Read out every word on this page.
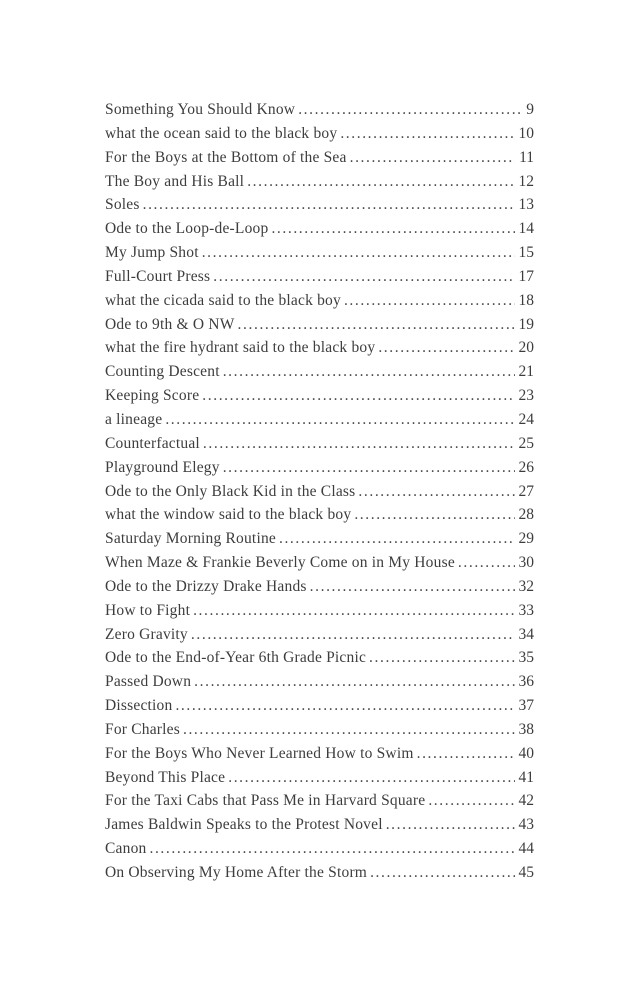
Something You Should Know .....	9
what the ocean said to the black boy .....	10
For the Boys at the Bottom of the Sea .....	11
The Boy and His Ball .....	12
Soles .....	13
Ode to the Loop-de-Loop .....	14
My Jump Shot .....	15
Full-Court Press .....	17
what the cicada said to the black boy .....	18
Ode to 9th & O NW .....	19
what the fire hydrant said to the black boy .....	20
Counting Descent .....	21
Keeping Score .....	23
a lineage .....	24
Counterfactual .....	25
Playground Elegy .....	26
Ode to the Only Black Kid in the Class .....	27
what the window said to the black boy .....	28
Saturday Morning Routine .....	29
When Maze & Frankie Beverly Come on in My House .....	30
Ode to the Drizzy Drake Hands .....	32
How to Fight .....	33
Zero Gravity .....	34
Ode to the End-of-Year 6th Grade Picnic .....	35
Passed Down .....	36
Dissection .....	37
For Charles .....	38
For the Boys Who Never Learned How to Swim .....	40
Beyond This Place .....	41
For the Taxi Cabs that Pass Me in Harvard Square .....	42
James Baldwin Speaks to the Protest Novel .....	43
Canon .....	44
On Observing My Home After the Storm .....	45
